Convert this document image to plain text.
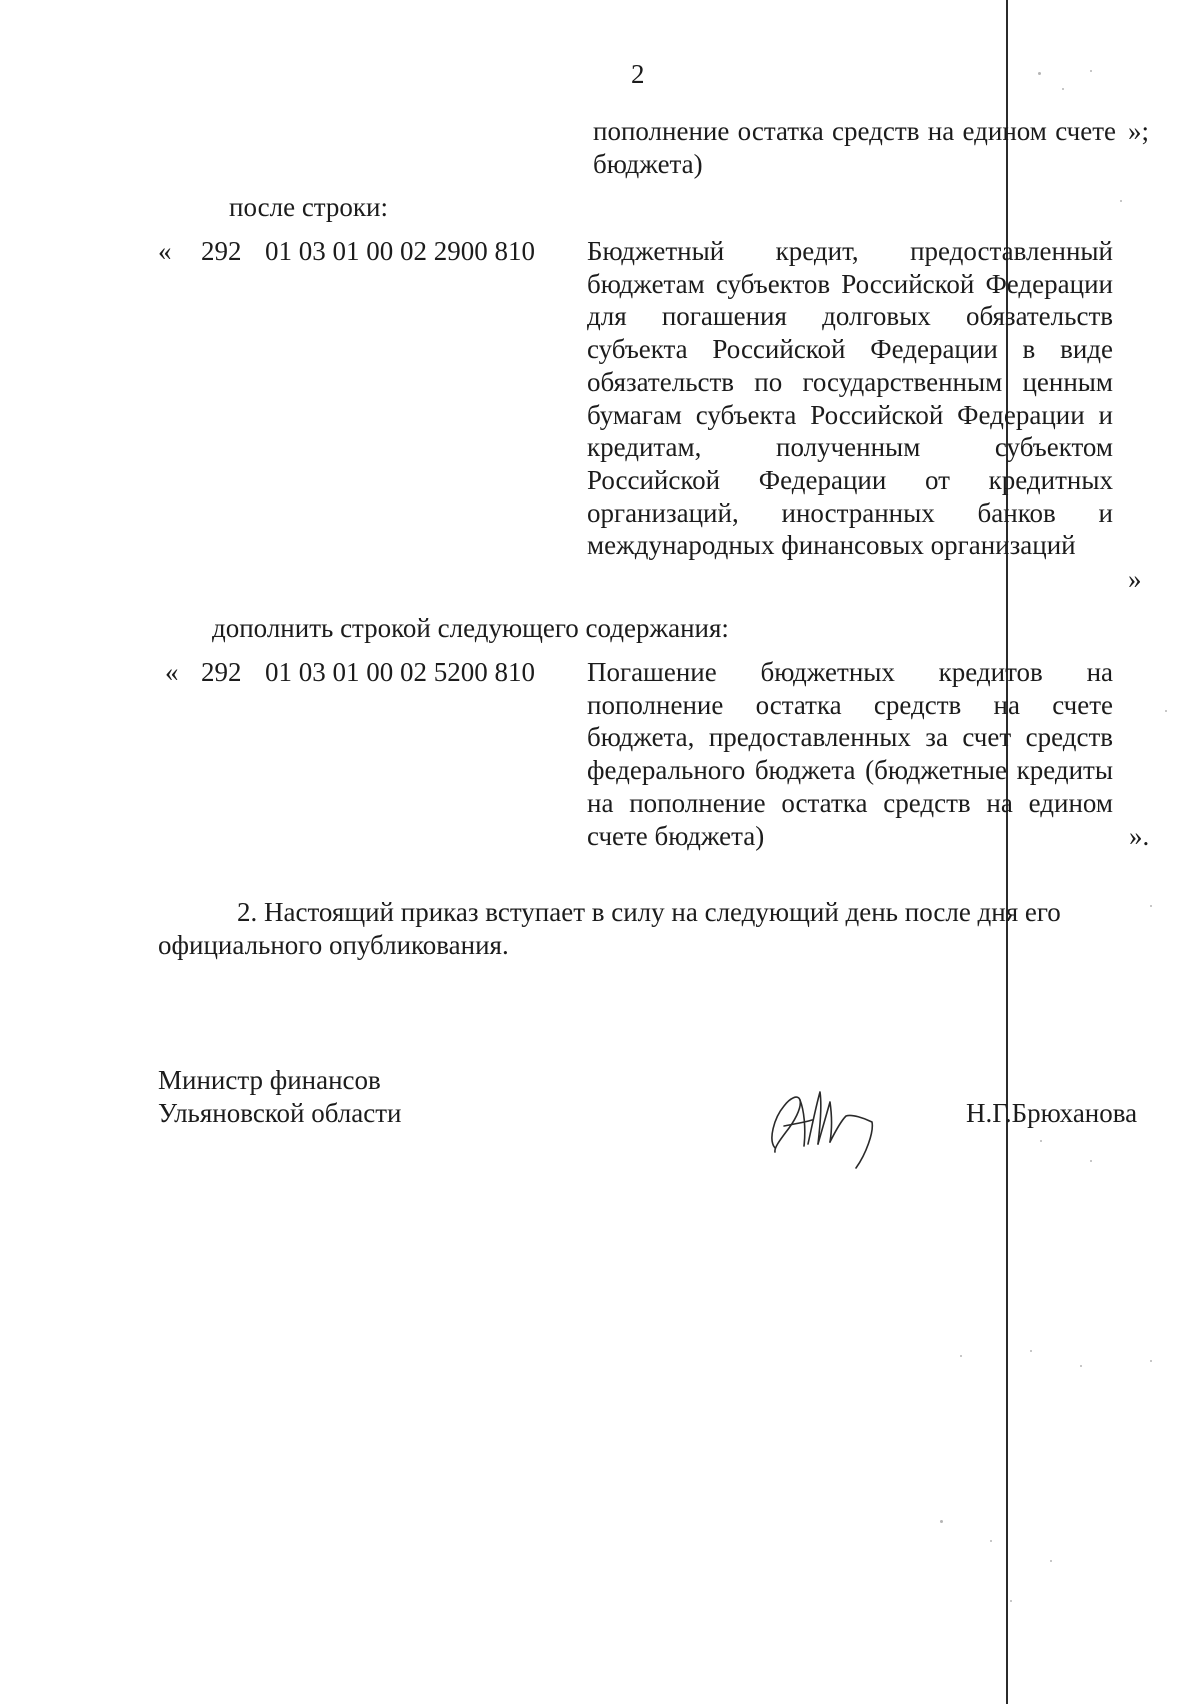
2
пополнение остатка средств на едином счете бюджета)
»;
после строки:
« 292 01 03 01 00 02 2900 810 Бюджетный кредит, предоставленный бюджетам субъектов Российской Федерации для погашения долговых обязательств субъекта Российской Федерации в виде обязательств по государственным ценным бумагам субъекта Российской Федерации и кредитам, полученным субъектом Российской Федерации от кредитных организаций, иностранных банков и международных финансовых организаций
»
дополнить строкой следующего содержания:
« 292 01 03 01 00 02 5200 810 Погашение бюджетных кредитов на пополнение остатка средств на счете бюджета, предоставленных за счет средств федерального бюджета (бюджетные кредиты на пополнение остатка средств на едином счете бюджета)	».
2. Настоящий приказ вступает в силу на следующий день после дня его
официального опубликования.
Министр финансов
Ульяновской области	Н.Г.Брюханова
